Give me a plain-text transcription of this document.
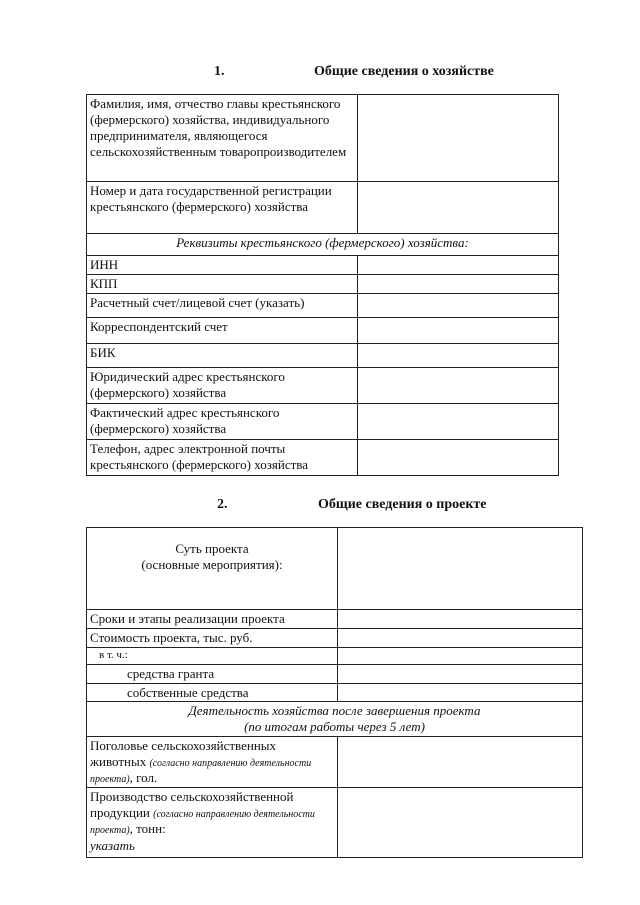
1.	Общие сведения о хозяйстве
Фамилия, имя, отчество главы крестьянского (фермерского) хозяйства, индивидуального предпринимателя, являющегося сельскохозяйственным товаропроизводителем	
Номер и дата государственной регистрации крестьянского (фермерского) хозяйства	
Реквизиты крестьянского (фермерского) хозяйства:	
ИНН	
КПП	
Расчетный счет/лицевой счет (указать)	
Корреспондентский счет	
БИК	
Юридический адрес крестьянского (фермерского) хозяйства	
Фактический адрес крестьянского (фермерского) хозяйства	
Телефон, адрес электронной почты крестьянского (фермерского) хозяйства	
2.	Общие сведения о проекте
Суть проекта
(основные мероприятия):	

Сроки и этапы реализации проекта	
Стоимость проекта, тыс. руб.	
в т. ч.:	
средства гранта	
собственные средства	

Деятельность хозяйства после завершения проекта
(по итогам работы через 5 лет)	

Поголовье сельскохозяйственных животных (согласно направлению деятельности проекта), гол.	
Производство сельскохозяйственной продукции (согласно направлению деятельности проекта), тонн:
указать	
